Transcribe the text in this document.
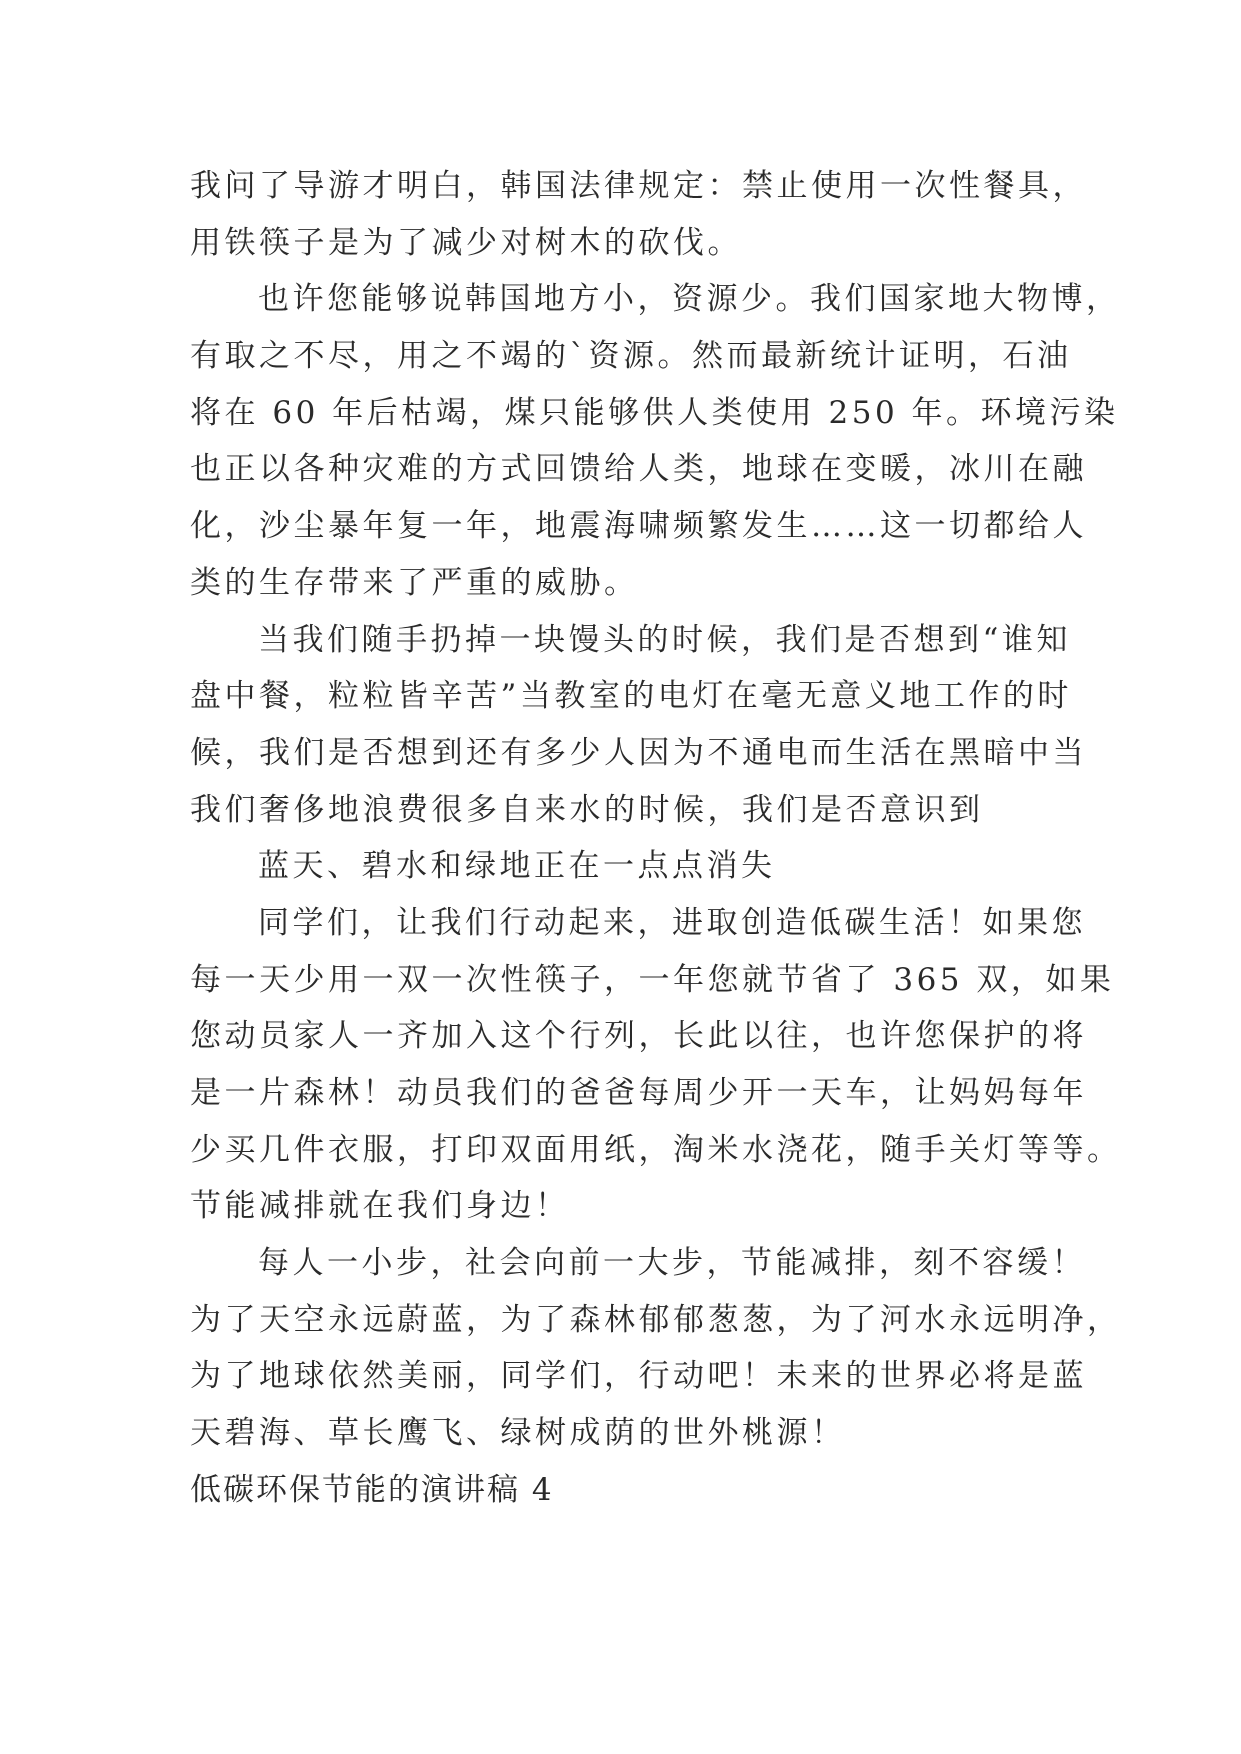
我问了导游才明白，韩国法律规定：禁止使用一次性餐具，
用铁筷子是为了减少对树木的砍伐。
也许您能够说韩国地方小，资源少。我们国家地大物博，
有取之不尽，用之不竭的`资源。然而最新统计证明，石油
将在 60 年后枯竭，煤只能够供人类使用 250 年。环境污染
也正以各种灾难的方式回馈给人类，地球在变暖，冰川在融
化，沙尘暴年复一年，地震海啸频繁发生……这一切都给人
类的生存带来了严重的威胁。
当我们随手扔掉一块馒头的时候，我们是否想到“谁知
盘中餐，粒粒皆辛苦”当教室的电灯在毫无意义地工作的时
候，我们是否想到还有多少人因为不通电而生活在黑暗中当
我们奢侈地浪费很多自来水的时候，我们是否意识到
蓝天、碧水和绿地正在一点点消失
同学们，让我们行动起来，进取创造低碳生活！如果您
每一天少用一双一次性筷子，一年您就节省了 365 双，如果
您动员家人一齐加入这个行列，长此以往，也许您保护的将
是一片森林！动员我们的爸爸每周少开一天车，让妈妈每年
少买几件衣服，打印双面用纸，淘米水浇花，随手关灯等等。
节能减排就在我们身边！
每人一小步，社会向前一大步，节能减排，刻不容缓！
为了天空永远蔚蓝，为了森林郁郁葱葱，为了河水永远明净，
为了地球依然美丽，同学们，行动吧！未来的世界必将是蓝
天碧海、草长鹰飞、绿树成荫的世外桃源！
低碳环保节能的演讲稿 4
